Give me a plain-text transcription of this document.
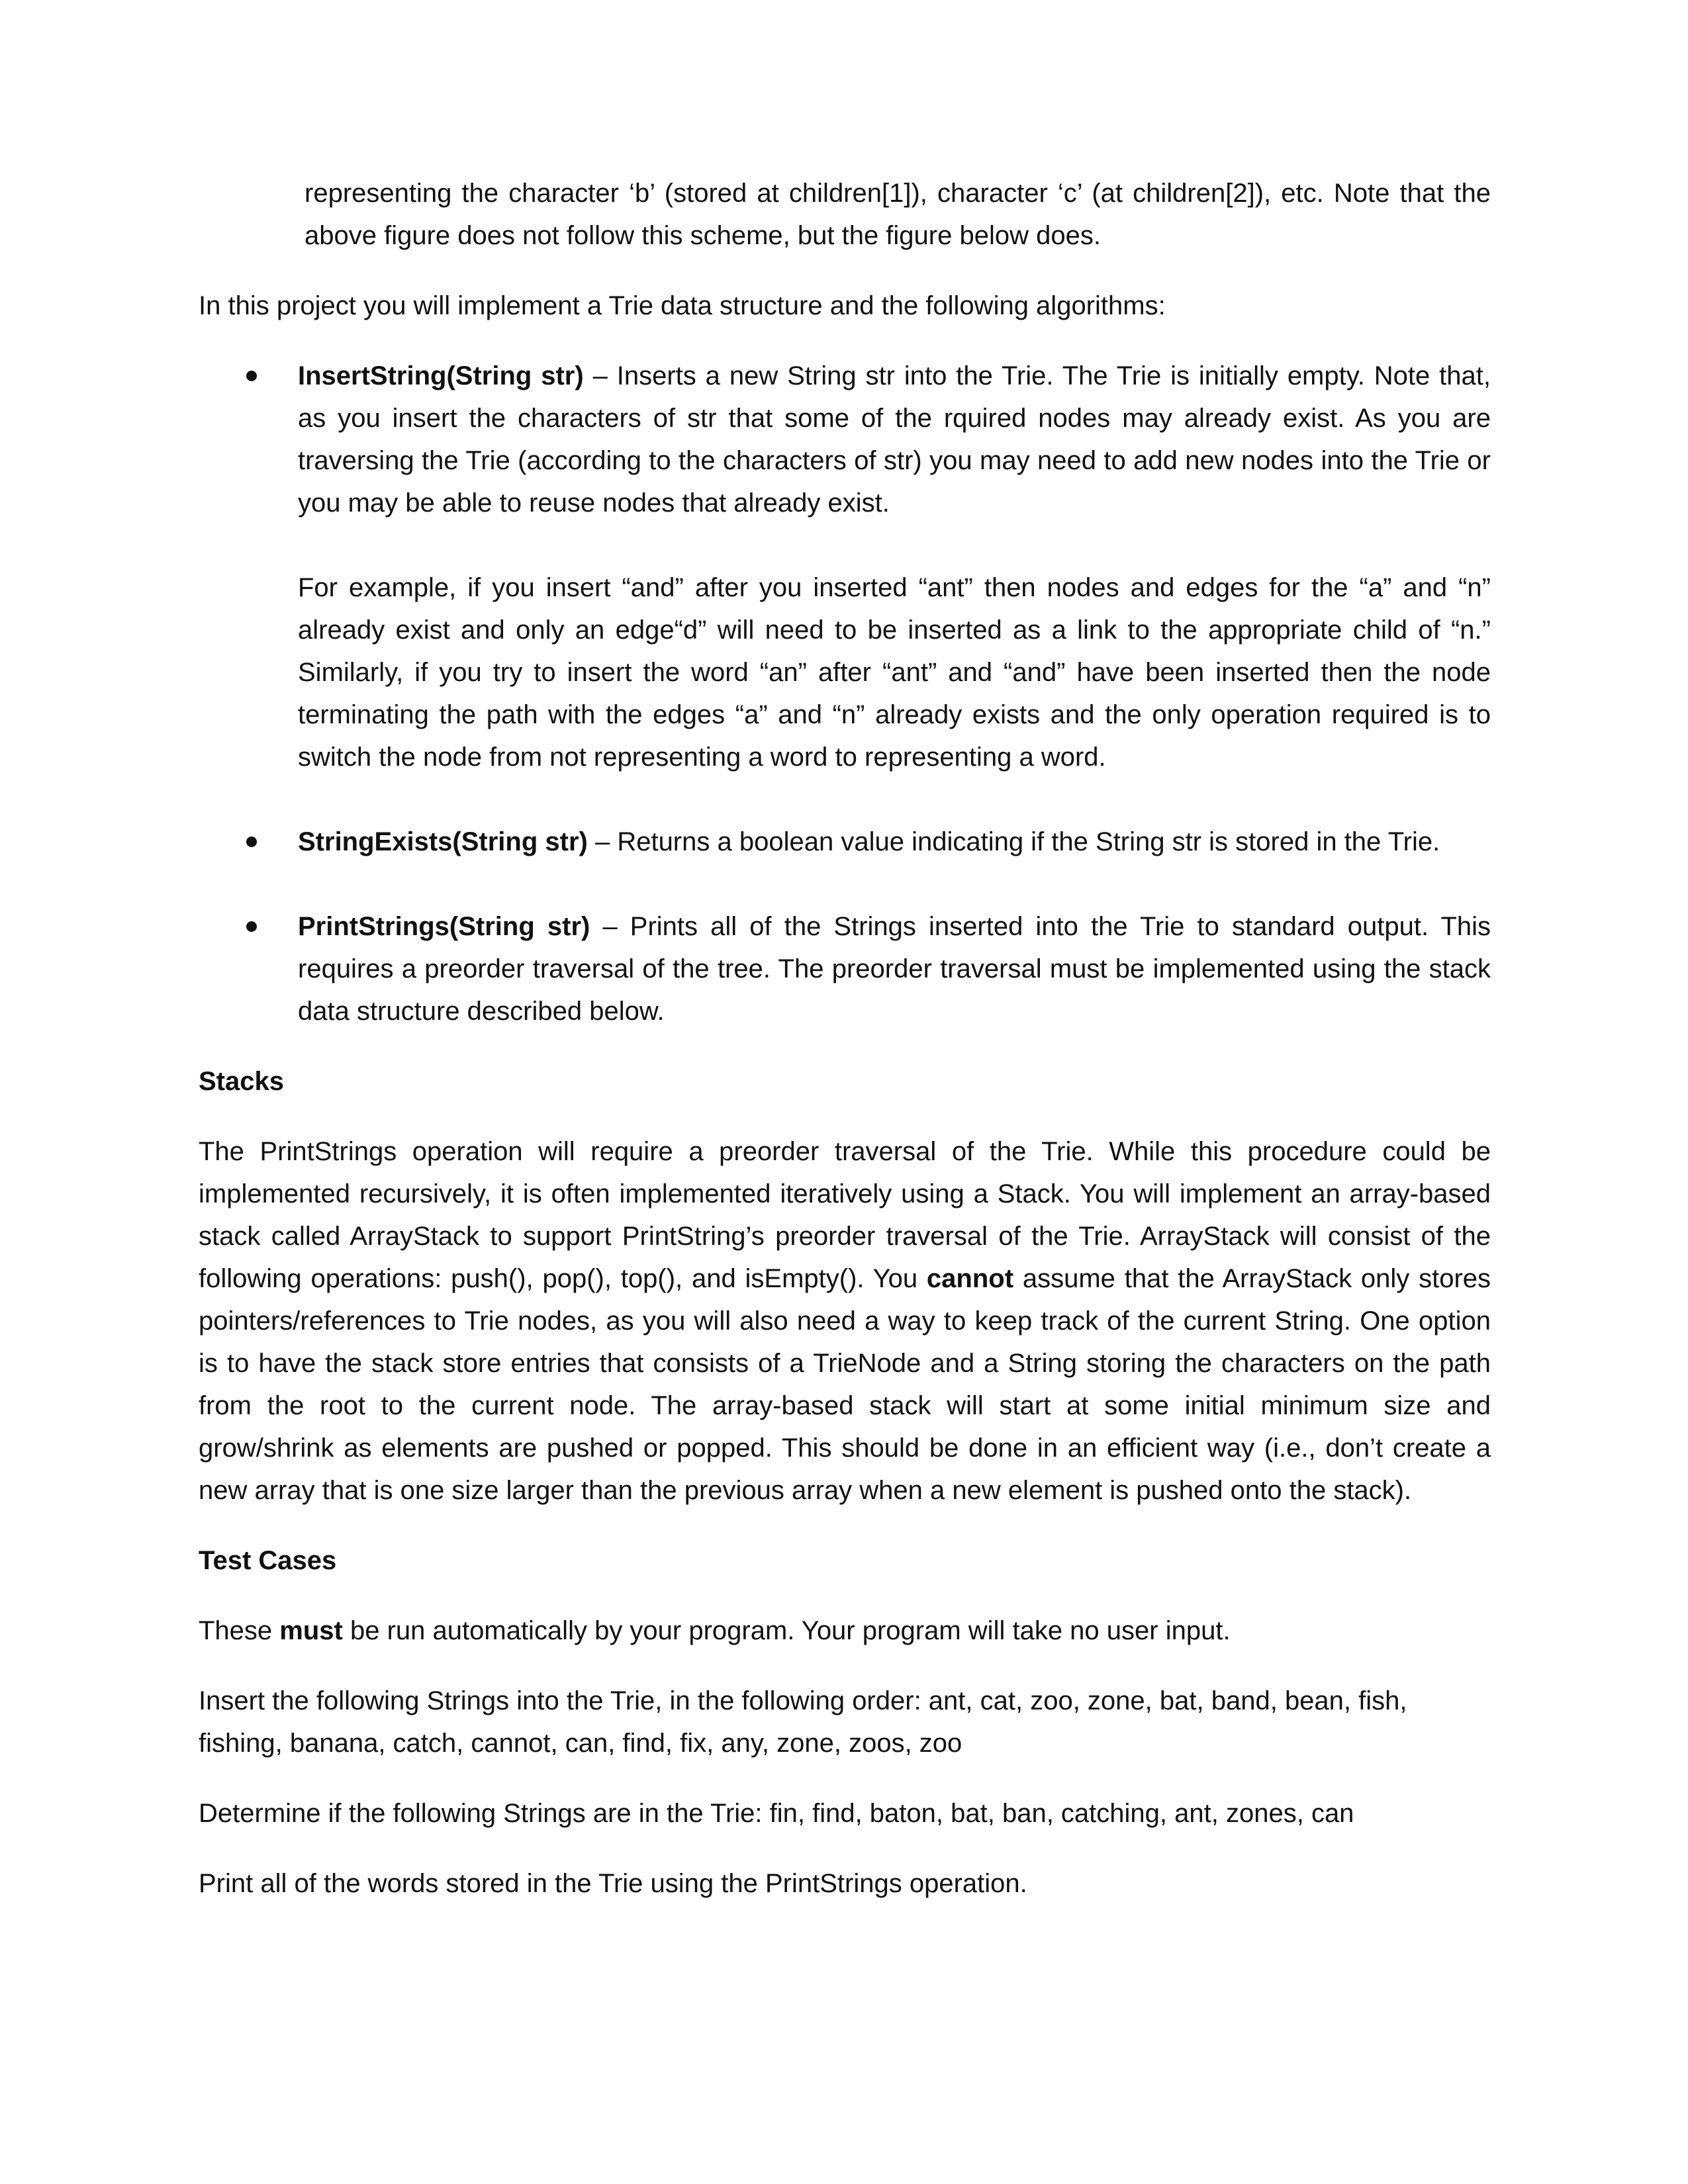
representing the character ‘b’ (stored at children[1]), character ‘c’ (at children[2]), etc. Note that the above figure does not follow this scheme, but the figure below does.

In this project you will implement a Trie data structure and the following algorithms:

InsertString(String str) – Inserts a new String str into the Trie. The Trie is initially empty. Note that, as you insert the characters of str that some of the rquired nodes may already exist. As you are traversing the Trie (according to the characters of str) you may need to add new nodes into the Trie or you may be able to reuse nodes that already exist.

For example, if you insert “and” after you inserted “ant” then nodes and edges for the “a” and “n” already exist and only an edge“d” will need to be inserted as a link to the appropriate child of “n.” Similarly, if you try to insert the word “an” after “ant” and “and” have been inserted then the node terminating the path with the edges “a” and “n” already exists and the only operation required is to switch the node from not representing a word to representing a word.

StringExists(String str) – Returns a boolean value indicating if the String str is stored in the Trie.

PrintStrings(String str) – Prints all of the Strings inserted into the Trie to standard output. This requires a preorder traversal of the tree. The preorder traversal must be implemented using the stack data structure described below.

Stacks

The PrintStrings operation will require a preorder traversal of the Trie. While this procedure could be implemented recursively, it is often implemented iteratively using a Stack. You will implement an array-based stack called ArrayStack to support PrintString’s preorder traversal of the Trie. ArrayStack will consist of the following operations: push(), pop(), top(), and isEmpty(). You cannot assume that the ArrayStack only stores pointers/references to Trie nodes, as you will also need a way to keep track of the current String. One option is to have the stack store entries that consists of a TrieNode and a String storing the characters on the path from the root to the current node. The array-based stack will start at some initial minimum size and grow/shrink as elements are pushed or popped. This should be done in an efficient way (i.e., don’t create a new array that is one size larger than the previous array when a new element is pushed onto the stack).

Test Cases

These must be run automatically by your program. Your program will take no user input.

Insert the following Strings into the Trie, in the following order: ant, cat, zoo, zone, bat, band, bean, fish, fishing, banana, catch, cannot, can, find, fix, any, zone, zoos, zoo

Determine if the following Strings are in the Trie: fin, find, baton, bat, ban, catching, ant, zones, can

Print all of the words stored in the Trie using the PrintStrings operation.
